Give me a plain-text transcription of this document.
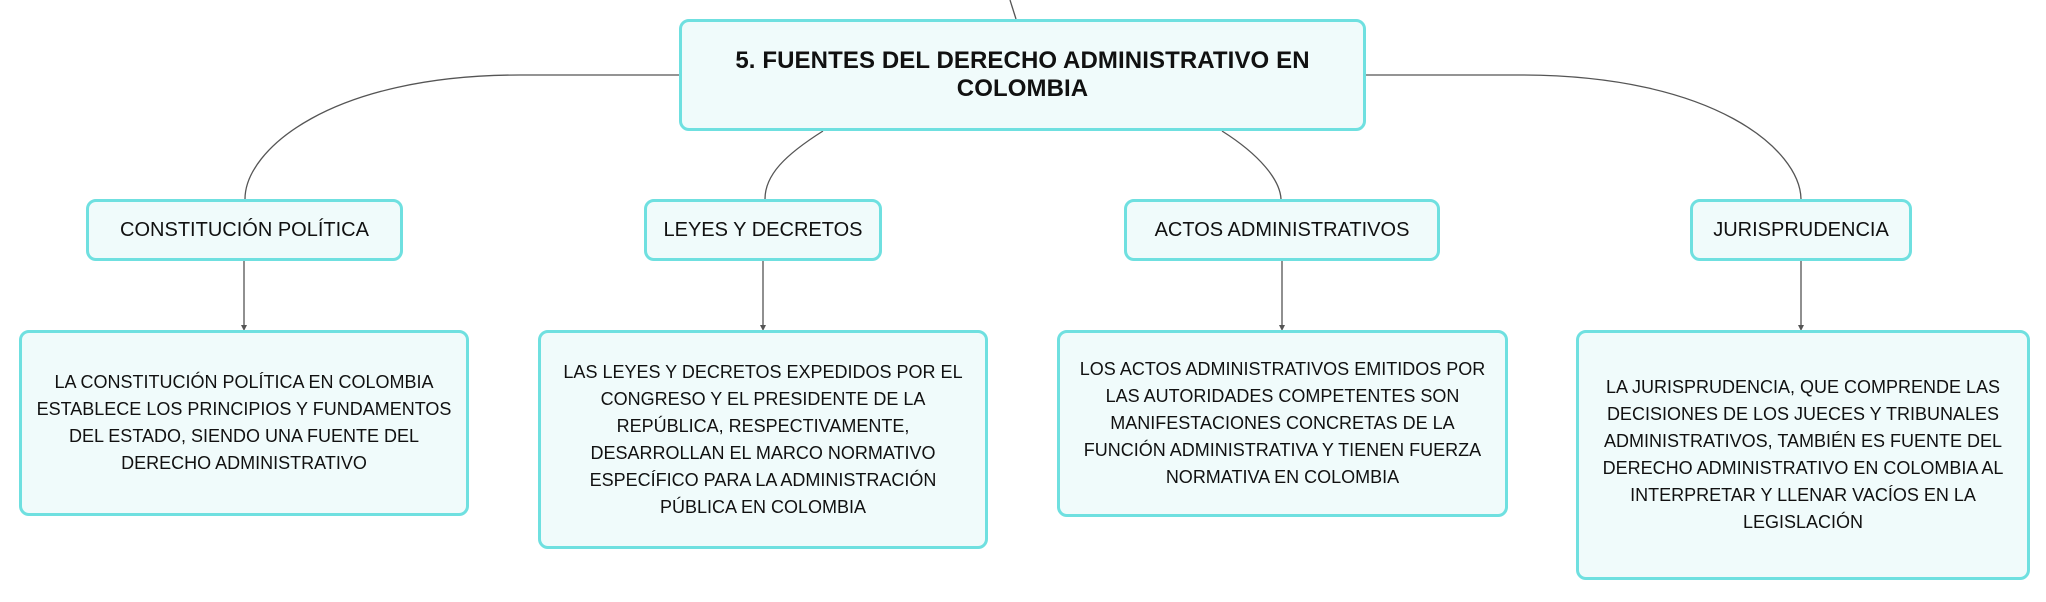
5. FUENTES DEL DERECHO ADMINISTRATIVO EN COLOMBIA
CONSTITUCIÓN POLÍTICA	LEYES Y DECRETOS	ACTOS ADMINISTRATIVOS	JURISPRUDENCIA
LA CONSTITUCIÓN POLÍTICA EN COLOMBIA ESTABLECE LOS PRINCIPIOS Y FUNDAMENTOS DEL ESTADO, SIENDO UNA FUENTE DEL DERECHO ADMINISTRATIVO
LAS LEYES Y DECRETOS EXPEDIDOS POR EL CONGRESO Y EL PRESIDENTE DE LA REPÚBLICA, RESPECTIVAMENTE, DESARROLLAN EL MARCO NORMATIVO ESPECÍFICO PARA LA ADMINISTRACIÓN PÚBLICA EN COLOMBIA
LOS ACTOS ADMINISTRATIVOS EMITIDOS POR LAS AUTORIDADES COMPETENTES SON MANIFESTACIONES CONCRETAS DE LA FUNCIÓN ADMINISTRATIVA Y TIENEN FUERZA NORMATIVA EN COLOMBIA
LA JURISPRUDENCIA, QUE COMPRENDE LAS DECISIONES DE LOS JUECES Y TRIBUNALES ADMINISTRATIVOS, TAMBIÉN ES FUENTE DEL DERECHO ADMINISTRATIVO EN COLOMBIA AL INTERPRETAR Y LLENAR VACÍOS EN LA LEGISLACIÓN
